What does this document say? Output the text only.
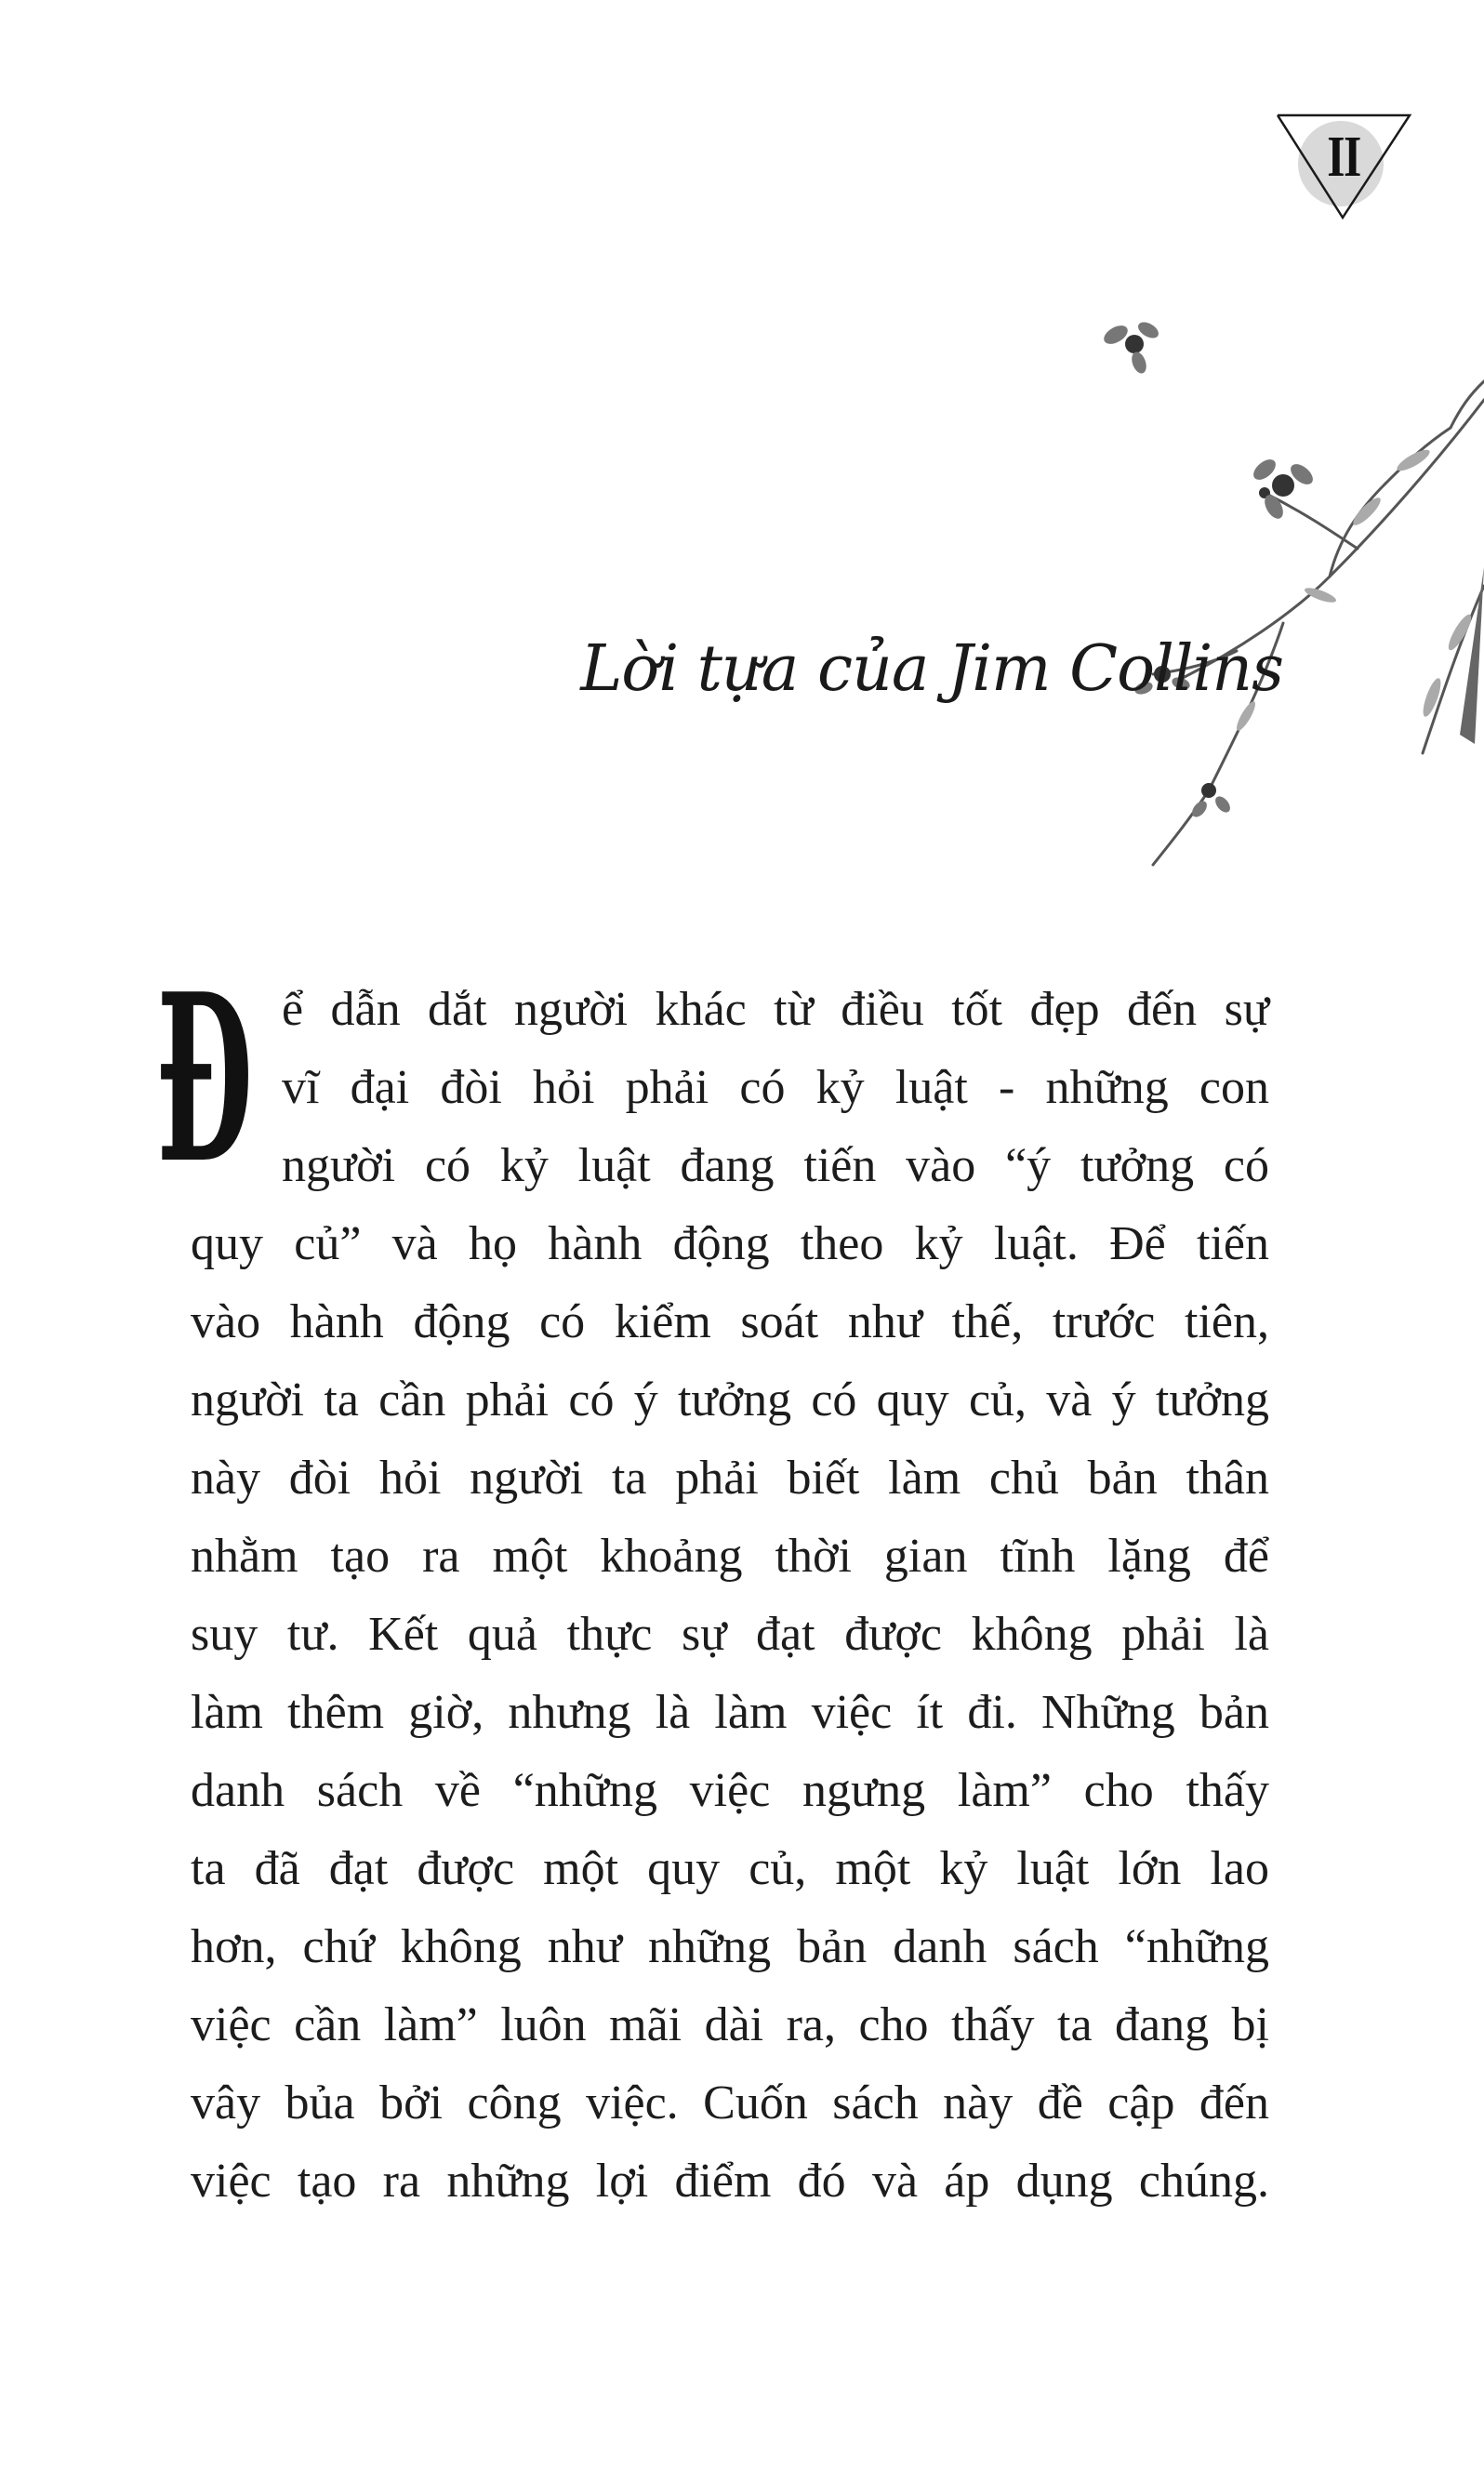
II
Lời tựa của Jim Collins
Đ ể dẫn dắt người khác từ điều tốt đẹp đến sự
vĩ đại đòi hỏi phải có kỷ luật - những con
người có kỷ luật đang tiến vào “ý tưởng có
quy củ” và họ hành động theo kỷ luật. Để tiến
vào hành động có kiểm soát như thế, trước tiên,
người ta cần phải có ý tưởng có quy củ, và ý tưởng
này đòi hỏi người ta phải biết làm chủ bản thân
nhằm tạo ra một khoảng thời gian tĩnh lặng để
suy tư. Kết quả thực sự đạt được không phải là
làm thêm giờ, nhưng là làm việc ít đi. Những bản
danh sách về “những việc ngưng làm” cho thấy
ta đã đạt được một quy củ, một kỷ luật lớn lao
hơn, chứ không như những bản danh sách “những
việc cần làm” luôn mãi dài ra, cho thấy ta đang bị
vây bủa bởi công việc. Cuốn sách này đề cập đến
việc tạo ra những lợi điểm đó và áp dụng chúng.
